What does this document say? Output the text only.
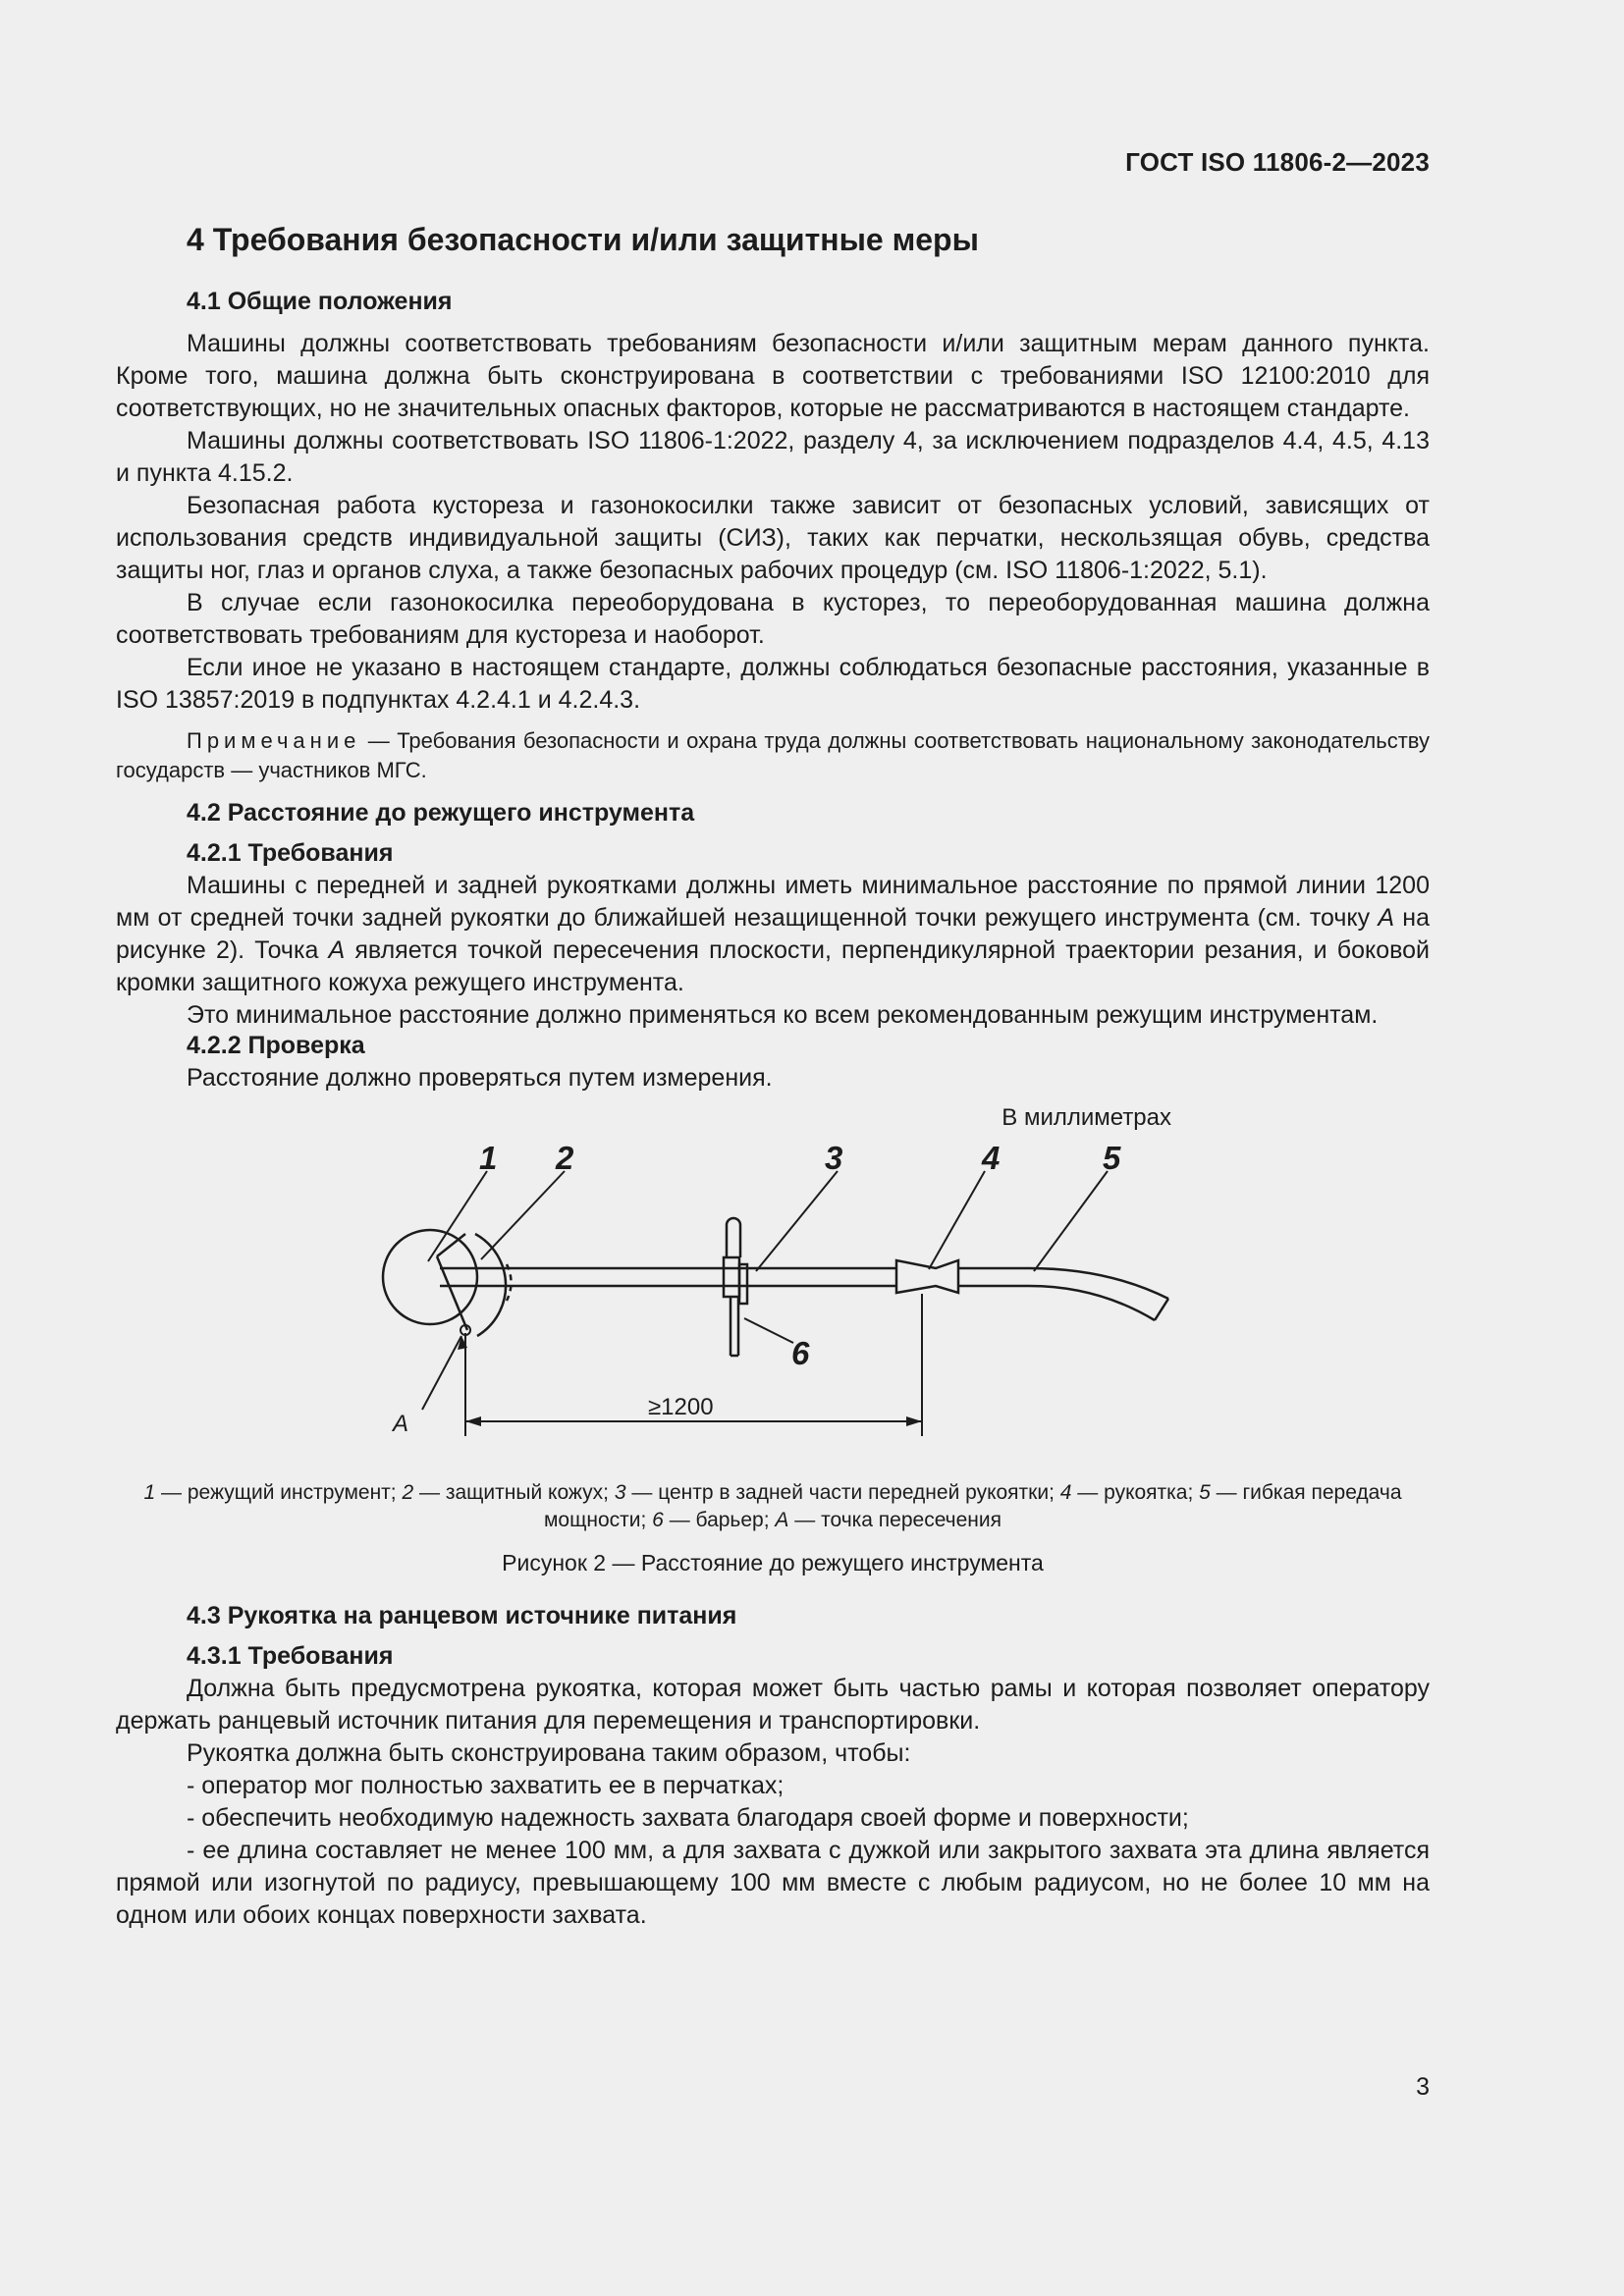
ГОСТ ISO 11806-2—2023
4 Требования безопасности и/или защитные меры
4.1 Общие положения

Машины должны соответствовать требованиям безопасности и/или защитным мерам данного пункта. Кроме того, машина должна быть сконструирована в соответствии с требованиями ISO 12100:2010 для соответствующих, но не значительных опасных факторов, которые не рассматриваются в настоящем стандарте.

Машины должны соответствовать ISO 11806-1:2022, разделу 4, за исключением подразделов 4.4, 4.5, 4.13 и пункта 4.15.2.

Безопасная работа кустореза и газонокосилки также зависит от безопасных условий, зависящих от использования средств индивидуальной защиты (СИЗ), таких как перчатки, нескользящая обувь, средства защиты ног, глаз и органов слуха, а также безопасных рабочих процедур (см. ISO 11806-1:2022, 5.1).

В случае если газонокосилка переоборудована в кусторез, то переоборудованная машина должна соответствовать требованиям для кустореза и наоборот.

Если иное не указано в настоящем стандарте, должны соблюдаться безопасные расстояния, указанные в ISO 13857:2019 в подпунктах 4.2.4.1 и 4.2.4.3.

Примечание — Требования безопасности и охрана труда должны соответствовать национальному законодательству государств — участников МГС.

4.2 Расстояние до режущего инструмента
4.2.1 Требования

Машины с передней и задней рукоятками должны иметь минимальное расстояние по прямой линии 1200 мм от средней точки задней рукоятки до ближайшей незащищенной точки режущего инструмента (см. точку A на рисунке 2). Точка A является точкой пересечения плоскости, перпендикулярной траектории резания, и боковой кромки защитного кожуха режущего инструмента.

Это минимальное расстояние должно применяться ко всем рекомендованным режущим инструментам.

4.2.2 Проверка

Расстояние должно проверяться путем измерения.

В миллиметрах
1 2	3	4	5
6
A
≥1200

1 — режущий инструмент; 2 — защитный кожух; 3 — центр в задней части передней рукоятки; 4 — рукоятка; 5 — гибкая передача мощности; 6 — барьер; A — точка пересечения

Рисунок 2 — Расстояние до режущего инструмента
4.3 Рукоятка на ранцевом источнике питания
4.3.1 Требования

Должна быть предусмотрена рукоятка, которая может быть частью рамы и которая позволяет оператору держать ранцевый источник питания для перемещения и транспортировки.

Рукоятка должна быть сконструирована таким образом, чтобы:

- оператор мог полностью захватить ее в перчатках;

- обеспечить необходимую надежность захвата благодаря своей форме и поверхности;

- ее длина составляет не менее 100 мм, а для захвата с дужкой или закрытого захвата эта длина является прямой или изогнутой по радиусу, превышающему 100 мм вместе с любым радиусом, но не более 10 мм на одном или обоих концах поверхности захвата.

3
